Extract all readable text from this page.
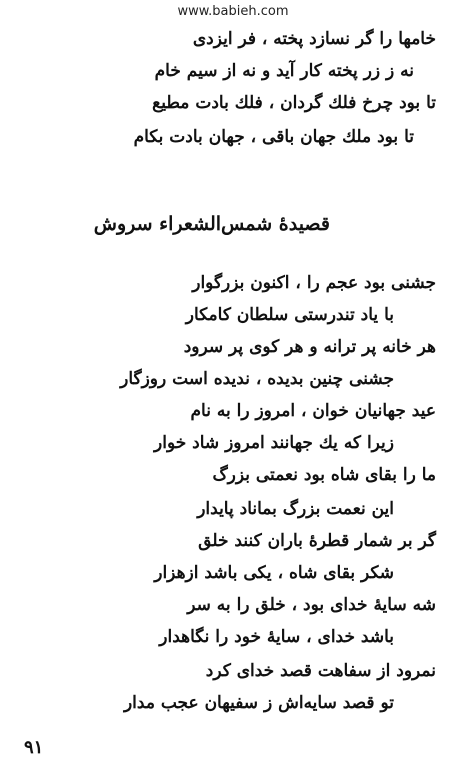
www.babieh.com
خامها را گر نسازد پخته ، فر ایزدی
نه ز زر پخته کار آید و نه از سیم خام
تا بود چرخ فلك گردان ، فلك بادت مطیع
تا بود ملك جهان باقی ، جهان بادت بكام
قصيدهٔ شمس‌الشعراء سروش
جشنی بود عجم را ، اکنون بزرگوار
با یاد تندرستی سلطان کامکار
هر خانه پر ترانه و هر کوی پر سرود
جشنی چنین بدیده ، ندیده است روزگار
عید جهانیان خوان ، امروز را به نام
زیرا که یك جهانند امروز شاد خوار
ما را بقای شاه بود نعمتی بزرگ
این نعمت بزرگ بماناد پایدار
گر بر شمار قطرهٔ باران کنند خلق
شکر بقای شاه ، یکی باشد ازهزار
شه سایهٔ خدای بود ، خلق را به سر
باشد خدای ، سایهٔ خود را نگاهدار
نمرود از سفاهت قصد خدای کرد
تو قصد سایه‌اش ز سفیهان عجب مدار
۹۱
